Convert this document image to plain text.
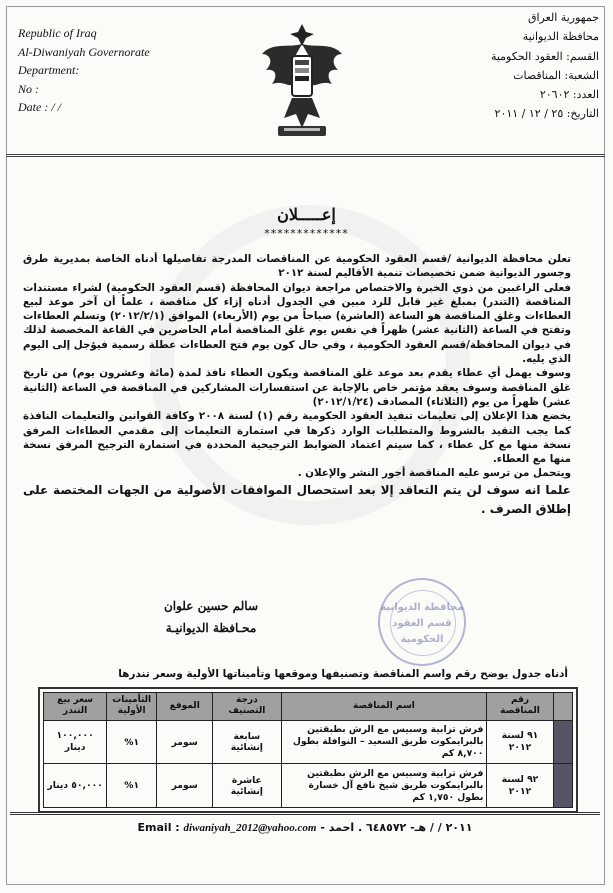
Republic of Iraq
Al-Diwaniyah Governorate
Department:
No :
Date : / /
جمهورية العراق
محافظة الديوانية
القسم: العقود الحكومية
الشعبة: المناقصات
العدد: ٢٠٦٠٢
التاريخ: ٢٥ / ١٢ / ٢٠١١
إعـــــلان
*************

تعلن محافظة الديوانية /قسم العقود الحكومية عن المناقصات المدرجة تفاصيلها أدناه الخاصة بمديرية طرق وجسور الديوانية ضمن تخصيصات تنمية الأقاليم لسنة ٢٠١٢

فعلى الراغبين من ذوي الخبرة والاختصاص مراجعة ديوان المحافظة (قسم العقود الحكومية) لشراء مستندات المناقصة (التندر) بمبلغ غير قابل للرد مبين في الجدول أدناه إزاء كل مناقصة ، علماً أن آخر موعد لبيع العطاءات وغلق المناقصة هو الساعة (العاشرة) صباحاً من يوم (الأربعاء) الموافق (٢٠١٢/٢/١) وتسلم العطاءات وتفتح في الساعة (الثانية عشر) ظهراً في نفس يوم غلق المناقصة أمام الحاضرين في القاعة المخصصة لذلك في ديوان المحافظة/قسم العقود الحكومية ، وفي حال كون يوم فتح العطاءات عطلة رسمية فيؤجل إلى اليوم الذي يليه.

وسوف يهمل أي عطاء يقدم بعد موعد غلق المناقصة ويكون العطاء نافذ لمدة (مائة وعشرون يوم) من تاريخ غلق المناقصة وسوف يعقد مؤتمر خاص بالإجابة عن استفسارات المشاركين في المناقصة في الساعة (الثانية عشر) ظهراً من يوم (الثلاثاء) المصادف (٢٠١٢/١/٢٤)

يخضع هذا الإعلان إلى تعليمات تنفيذ العقود الحكومية رقم (١) لسنة ٢٠٠٨ وكافة القوانين والتعليمات النافذة كما يجب التقيد بالشروط والمتطلبات الوارد ذكرها في استمارة التعليمات إلى مقدمي العطاءات المرفق نسخة منها مع كل عطاء ، كما سيتم اعتماد الضوابط الترجيحية المحددة في استمارة الترجيح المرفق نسخة منها مع العطاء.

ويتحمل من ترسو عليه المناقصة أجور النشر والإعلان .

علما انه سوف لن يتم التعاقد إلا بعد استحصال الموافقات الأصولية من الجهات المختصة على إطلاق الصرف .

محافظة الديوانية قسم العقود الحكومية
سالم حسين علوان
محـافظة الديوانيـة
أدناه جدول يوضح رقم واسم المناقصة وتصنيفها وموقعها وتأميناتها الأولية وسعر تندرها
	رقم المناقصة	اسم المناقصة	درجة التصنيف	الموقع	التأمينات الأولية	سعر بيع التندر
	٩١ لسنة ٢٠١٢	فرش ترابية وسبيس مع الرش بطبقتين بالبرايمكوت طريق السعيد – النوافلة بطول ٨,٧٠٠ كم	سابعة إنشائية	سومر	١%	١٠٠,٠٠٠ دينار
	٩٢ لسنة ٢٠١٢	فرش ترابية وسبيس مع الرش بطبقتين بالبرايمكوت طريق شيخ نافع آل خسارة بطول ١,٧٥٠ كم	عاشرة إنشائية	سومر	١%	٥٠,٠٠٠ دينار
Email : diwaniyah_2012@yahoo.com - ٢٠١١ / / هـ- ٦٤٨٥٧٢ . احمد
